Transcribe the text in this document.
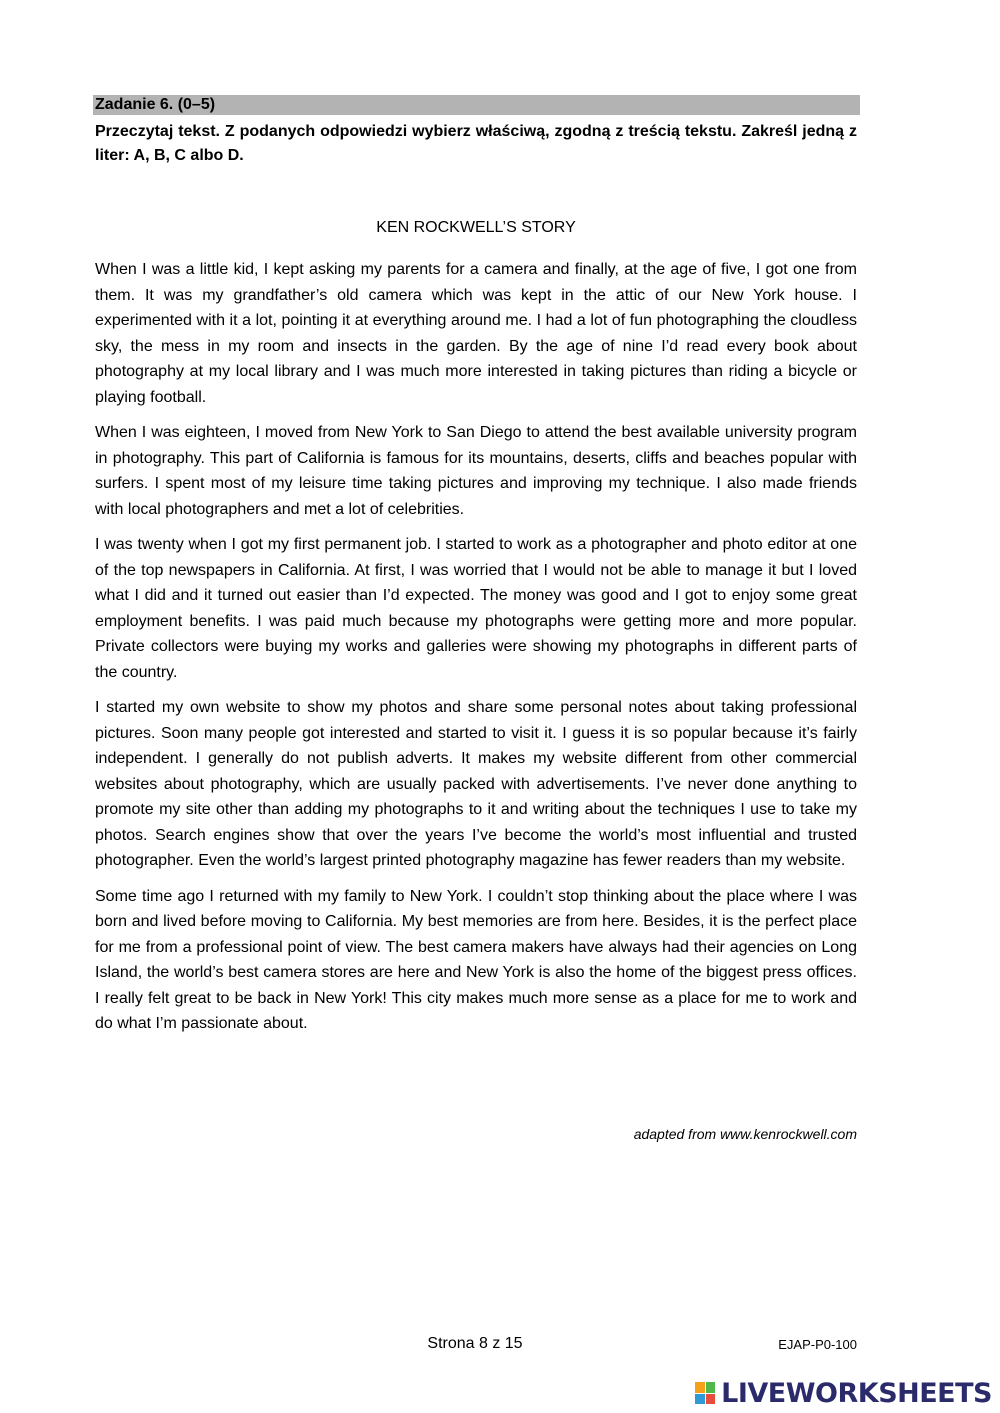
Zadanie 6. (0–5)
Przeczytaj tekst. Z podanych odpowiedzi wybierz właściwą, zgodną z treścią tekstu. Zakreśl jedną z liter: A, B, C albo D.
KEN ROCKWELL’S STORY

When I was a little kid, I kept asking my parents for a camera and finally, at the age of five, I got one from them. It was my grandfather’s old camera which was kept in the attic of our New York house. I experimented with it a lot, pointing it at everything around me. I had a lot of fun photographing the cloudless sky, the mess in my room and insects in the garden. By the age of nine I’d read every book about photography at my local library and I was much more interested in taking pictures than riding a bicycle or playing football.

When I was eighteen, I moved from New York to San Diego to attend the best available university program in photography. This part of California is famous for its mountains, deserts, cliffs and beaches popular with surfers. I spent most of my leisure time taking pictures and improving my technique. I also made friends with local photographers and met a lot of celebrities.

I was twenty when I got my first permanent job. I started to work as a photographer and photo editor at one of the top newspapers in California. At first, I was worried that I would not be able to manage it but I loved what I did and it turned out easier than I’d expected. The money was good and I got to enjoy some great employment benefits. I was paid much because my photographs were getting more and more popular. Private collectors were buying my works and galleries were showing my photographs in different parts of the country.

I started my own website to show my photos and share some personal notes about taking professional pictures. Soon many people got interested and started to visit it. I guess it is so popular because it’s fairly independent. I generally do not publish adverts. It makes my website different from other commercial websites about photography, which are usually packed with advertisements. I’ve never done anything to promote my site other than adding my photographs to it and writing about the techniques I use to take my photos. Search engines show that over the years I’ve become the world’s most influential and trusted photographer. Even the world’s largest printed photography magazine has fewer readers than my website.

Some time ago I returned with my family to New York. I couldn’t stop thinking about the place where I was born and lived before moving to California. My best memories are from here. Besides, it is the perfect place for me from a professional point of view. The best camera makers have always had their agencies on Long Island, the world’s best camera stores are here and New York is also the home of the biggest press offices. I really felt great to be back in New York! This city makes much more sense as a place for me to work and do what I’m passionate about.

adapted from www.kenrockwell.com
Strona 8 z 15	EJAP-P0-100
LIVEWORKSHEETS
